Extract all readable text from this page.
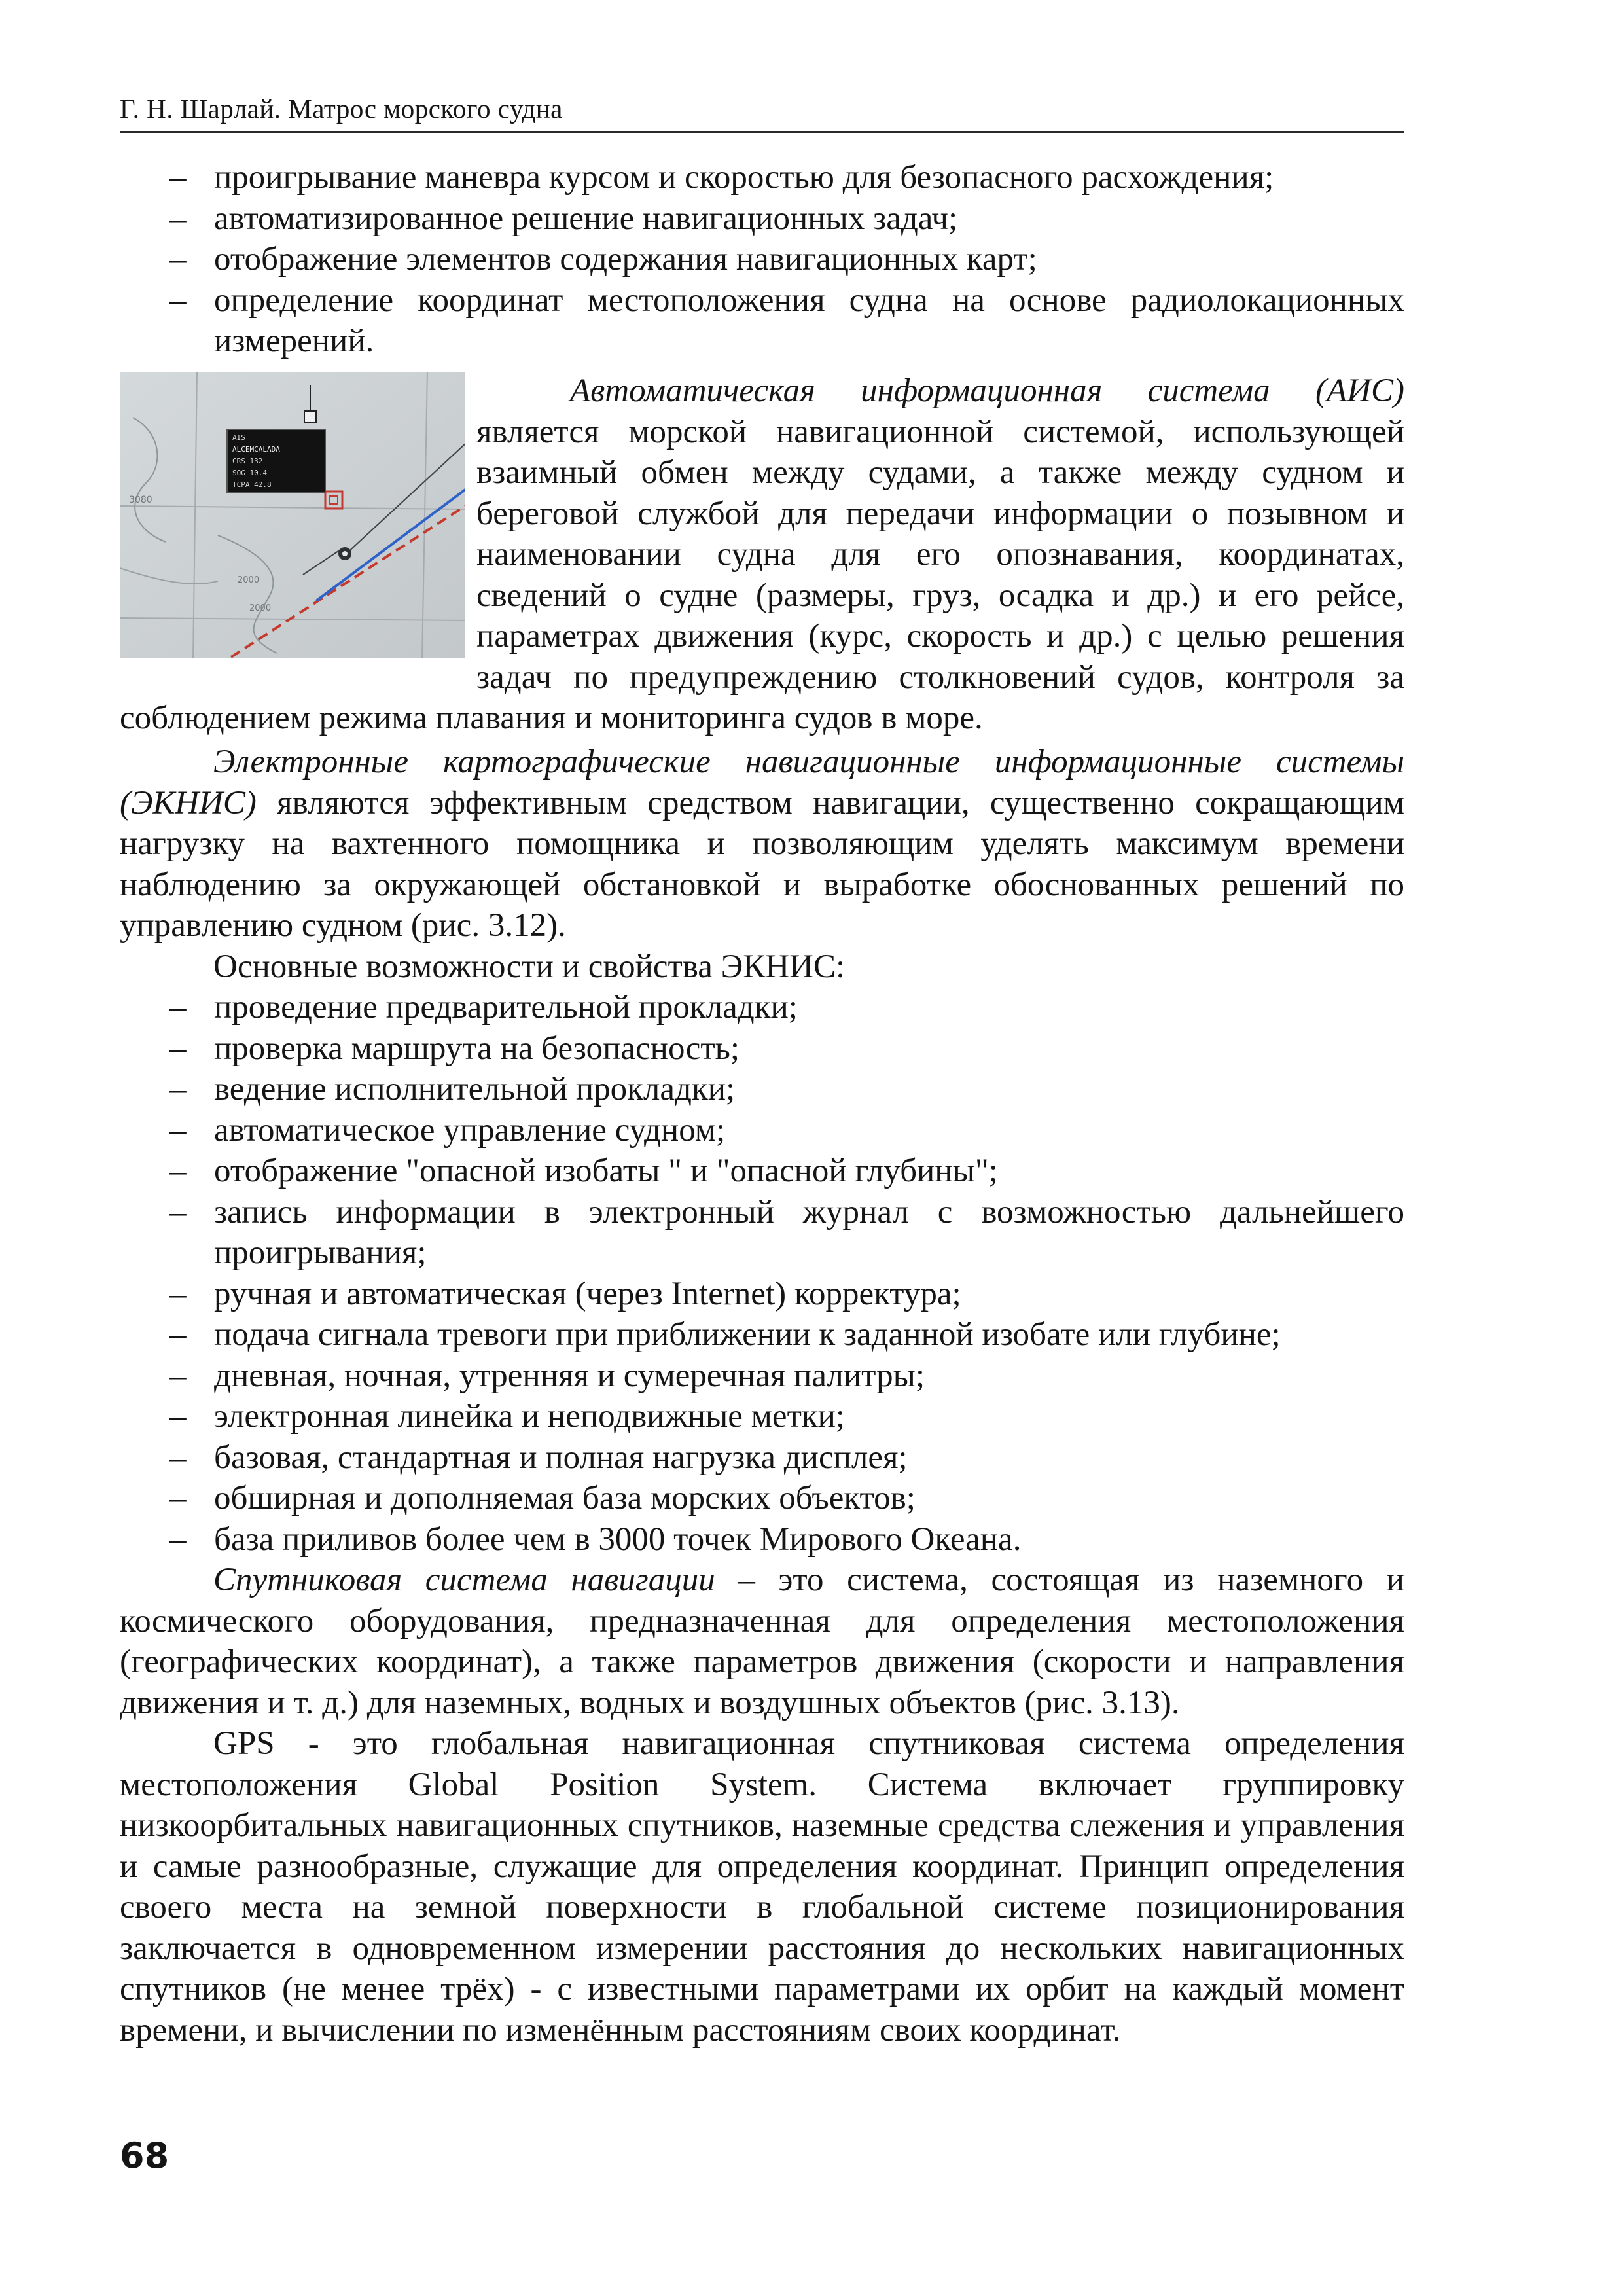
Г. Н. Шарлай. Матрос морского судна
– проигрывание маневра курсом и скоростью для безопасного расхождения;
– автоматизированное решение навигационных задач;
– отображение элементов содержания навигационных карт;
– определение координат местоположения судна на основе радиолокационных измерений.
3080
2000
2000
AIS
ALCEMCALADA
CRS 132
SOG 10.4
TCPA 42.8

Автоматическая информационная система (АИС) является морской навигационной системой, использующей взаимный обмен между судами, а также между судном и береговой службой для передачи информации о позывном и наименовании судна для его опознавания, координатах, сведений о судне (размеры, груз, осадка и др.) и его рейсе, параметрах движения (курс, скорость и др.) с целью решения задач по предупреждению столкновений судов, контроля за соблюдением режима плавания и мониторинга судов в море.

Электронные картографические навигационные информационные системы (ЭКНИС) являются эффективным средством навигации, существенно сокращающим нагрузку на вахтенного помощника и позволяющим уделять максимум времени наблюдению за окружающей обстановкой и выработке обоснованных решений по управлению судном (рис. 3.12).

Основные возможности и свойства ЭКНИС:

– проведение предварительной прокладки;
– проверка маршрута на безопасность;
– ведение исполнительной прокладки;
– автоматическое управление судном;
– отображение "опасной изобаты " и "опасной глубины";
– запись информации в электронный журнал с возможностью дальнейшего проигрывания;
– ручная и автоматическая (через Internet) корректура;
– подача сигнала тревоги при приближении к заданной изобате или глубине;
– дневная, ночная, утренняя и сумеречная палитры;
– электронная линейка и неподвижные метки;
– базовая, стандартная и полная нагрузка дисплея;
– обширная и дополняемая база морских объектов;
– база приливов более чем в 3000 точек Мирового Океана.

Спутниковая система навигации – это система, состоящая из наземного и космического оборудования, предназначенная для определения местоположения (географических координат), а также параметров движения (скорости и направления движения и т. д.) для наземных, водных и воздушных объектов (рис. 3.13).

GPS - это глобальная навигационная спутниковая система определения местоположения Global Position System. Система включает группировку низкоорбитальных навигационных спутников, наземные средства слежения и управления и самые разнообразные, служащие для определения координат. Принцип определения своего места на земной поверхности в глобальной системе позиционирования заключается в одновременном измерении расстояния до нескольких навигационных спутников (не менее трёх) - с известными параметрами их орбит на каждый момент времени, и вычислении по изменённым расстояниям своих координат.

68
